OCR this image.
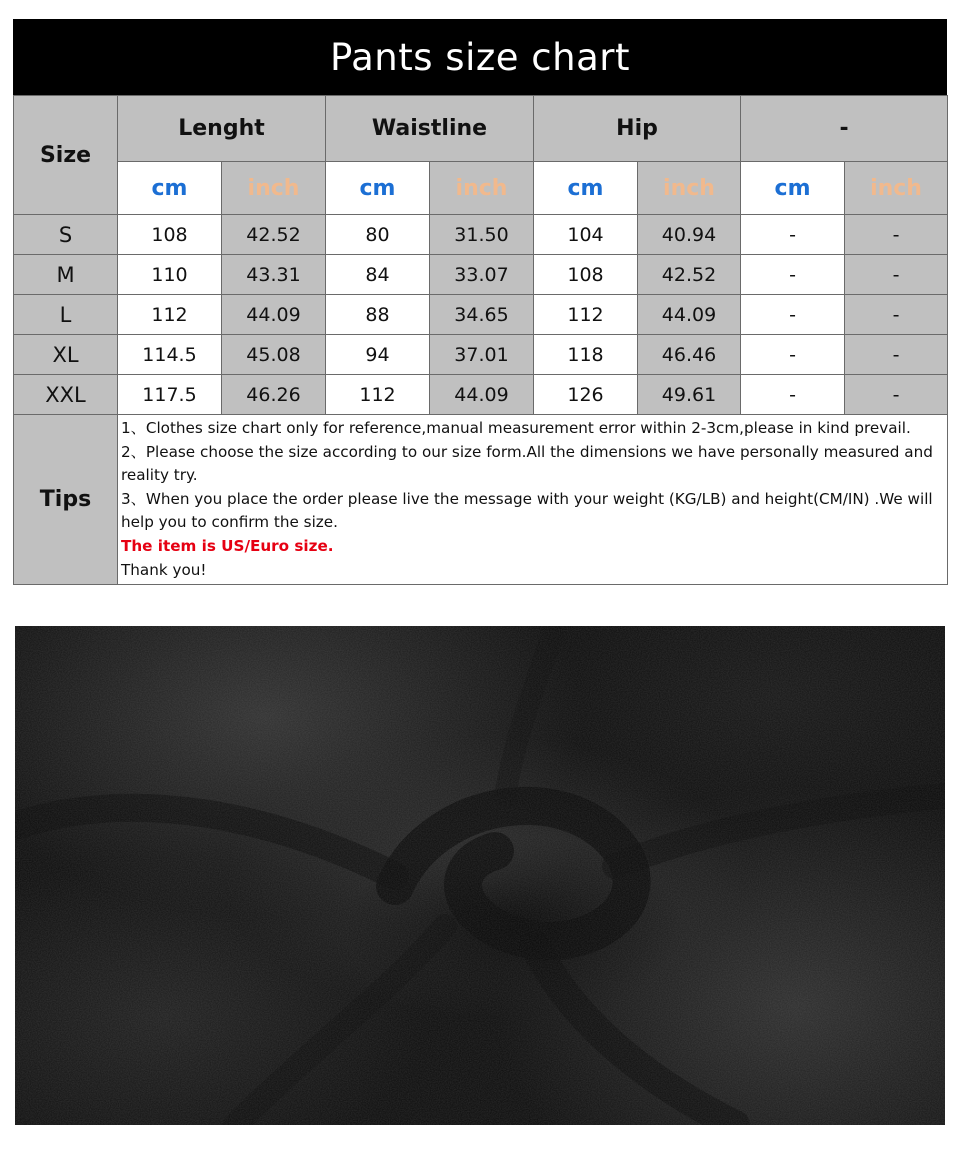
Pants size chart
Size	Lenght		Waistline		Hip		-	
	cm	inch	cm	inch	cm	inch	cm	inch
S	108	42.52	80	31.50	104	40.94	-	-
M	110	43.31	84	33.07	108	42.52	-	-
L	112	44.09	88	34.65	112	44.09	-	-
XL	114.5	45.08	94	37.01	118	46.46	-	-
XXL	117.5	46.26	112	44.09	126	49.61	-	-
Tips	1、Clothes size chart only for reference,manual measurement error within 2-3cm,please in kind prevail.
2、Please choose the size according to our size form.All the dimensions we have personally measured and reality try.
3、When you place the order please live the message with your weight (KG/LB) and height(CM/IN) .We will help you to confirm the size.
The item is US/Euro size.
Thank you!							
